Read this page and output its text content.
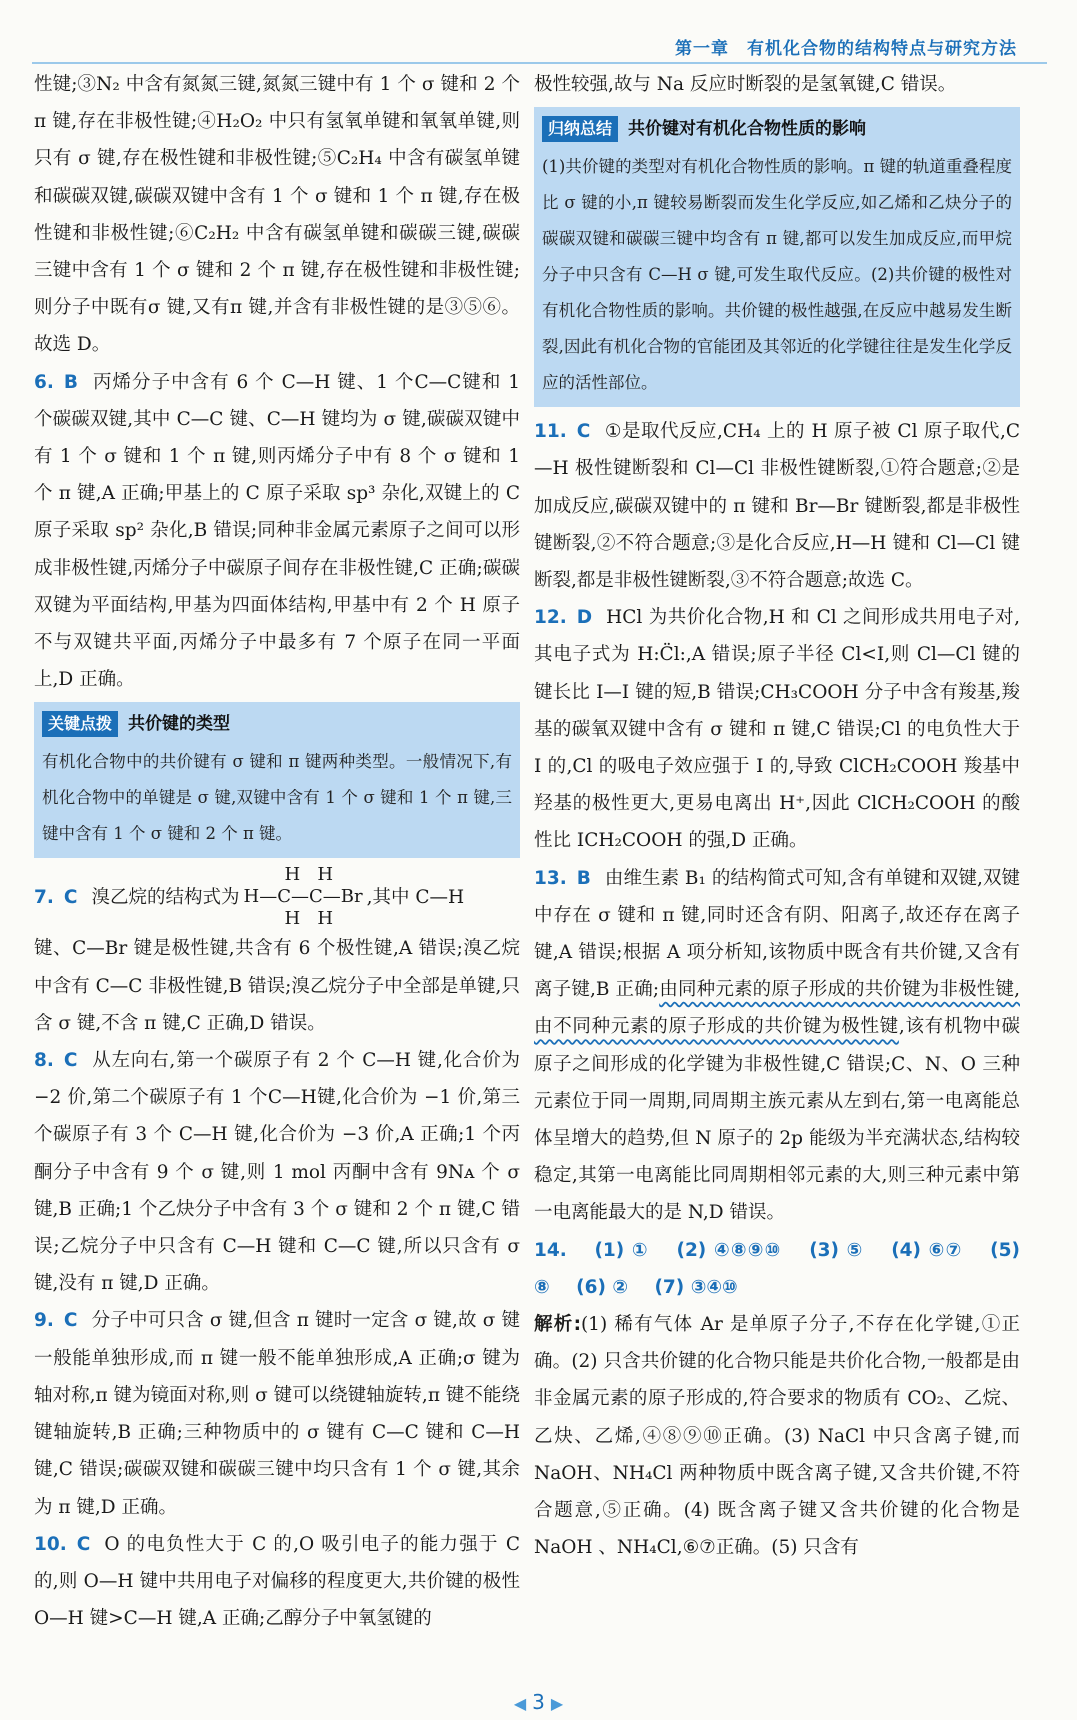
第一章　有机化合物的结构特点与研究方法

性键;③N₂ 中含有氮氮三键,氮氮三键中有 1 个 σ 键和 2 个 π 键,存在非极性键;④H₂O₂ 中只有氢氧单键和氧氧单键,则只有 σ 键,存在极性键和非极性键;⑤C₂H₄ 中含有碳氢单键和碳碳双键,碳碳双键中含有 1 个 σ 键和 1 个 π 键,存在极性键和非极性键;⑥C₂H₂ 中含有碳氢单键和碳碳三键,碳碳三键中含有 1 个 σ 键和 2 个 π 键,存在极性键和非极性键;则分子中既有σ 键,又有π 键,并含有非极性键的是③⑤⑥。故选 D。

6. B 丙烯分子中含有 6 个 C—H 键、1 个C—C键和 1 个碳碳双键,其中 C—C 键、C—H 键均为 σ 键,碳碳双键中有 1 个 σ 键和 1 个 π 键,则丙烯分子中有 8 个 σ 键和 1 个 π 键,A 正确;甲基上的 C 原子采取 sp³ 杂化,双键上的 C 原子采取 sp² 杂化,B 错误;同种非金属元素原子之间可以形成非极性键,丙烯分子中碳原子间存在非极性键,C 正确;碳碳双键为平面结构,甲基为四面体结构,甲基中有 2 个 H 原子不与双键共平面,丙烯分子中最多有 7 个原子在同一平面上,D 正确。

关键点拨 共价键的类型
有机化合物中的共价键有 σ 键和 π 键两种类型。一般情况下,有机化合物中的单键是 σ 键,双键中含有 1 个 σ 键和 1 个 π 键,三键中含有 1 个 σ 键和 2 个 π 键。
7. C 溴乙烷的结构式为
H   H
H—C—C—Br
H   H
,其中 C—H

键、C—Br 键是极性键,共含有 6 个极性键,A 错误;溴乙烷中含有 C—C 非极性键,B 错误;溴乙烷分子中全部是单键,只含 σ 键,不含 π 键,C 正确,D 错误。

8. C 从左向右,第一个碳原子有 2 个 C—H 键,化合价为 −2 价,第二个碳原子有 1 个C—H键,化合价为 −1 价,第三个碳原子有 3 个 C—H 键,化合价为 −3 价,A 正确;1 个丙酮分子中含有 9 个 σ 键,则 1 mol 丙酮中含有 9Nᴀ 个 σ 键,B 正确;1 个乙炔分子中含有 3 个 σ 键和 2 个 π 键,C 错误;乙烷分子中只含有 C—H 键和 C—C 键,所以只含有 σ 键,没有 π 键,D 正确。

9. C 分子中可只含 σ 键,但含 π 键时一定含 σ 键,故 σ 键一般能单独形成,而 π 键一般不能单独形成,A 正确;σ 键为轴对称,π 键为镜面对称,则 σ 键可以绕键轴旋转,π 键不能绕键轴旋转,B 正确;三种物质中的 σ 键有 C—C 键和 C—H 键,C 错误;碳碳双键和碳碳三键中均只含有 1 个 σ 键,其余为 π 键,D 正确。

10. C O 的电负性大于 C 的,O 吸引电子的能力强于 C 的,则 O—H 键中共用电子对偏移的程度更大,共价键的极性 O—H 键>C—H 键,A 正确;乙醇分子中氧氢键的

极性较强,故与 Na 反应时断裂的是氢氧键,C 错误。

归纳总结 共价键对有机化合物性质的影响
(1)共价键的类型对有机化合物性质的影响。π 键的轨道重叠程度比 σ 键的小,π 键较易断裂而发生化学反应,如乙烯和乙炔分子的碳碳双键和碳碳三键中均含有 π 键,都可以发生加成反应,而甲烷分子中只含有 C—H σ 键,可发生取代反应。(2)共价键的极性对有机化合物性质的影响。共价键的极性越强,在反应中越易发生断裂,因此有机化合物的官能团及其邻近的化学键往往是发生化学反应的活性部位。

11. C ①是取代反应,CH₄ 上的 H 原子被 Cl 原子取代,C—H 极性键断裂和 Cl—Cl 非极性键断裂,①符合题意;②是加成反应,碳碳双键中的 π 键和 Br—Br 键断裂,都是非极性键断裂,②不符合题意;③是化合反应,H—H 键和 Cl—Cl 键断裂,都是非极性键断裂,③不符合题意;故选 C。

12. D HCl 为共价化合物,H 和 Cl 之间形成共用电子对,其电子式为 H:C̈l:,A 错误;原子半径 Cl<I,则 Cl—Cl 键的键长比 I—I 键的短,B 错误;CH₃COOH 分子中含有羧基,羧基的碳氧双键中含有 σ 键和 π 键,C 错误;Cl 的电负性大于 I 的,Cl 的吸电子效应强于 I 的,导致 ClCH₂COOH 羧基中羟基的极性更大,更易电离出 H⁺,因此 ClCH₂COOH 的酸性比 ICH₂COOH 的强,D 正确。

13. B 由维生素 B₁ 的结构简式可知,含有单键和双键,双键中存在 σ 键和 π 键,同时还含有阴、阳离子,故还存在离子键,A 错误;根据 A 项分析知,该物质中既含有共价键,又含有离子键,B 正确;由同种元素的原子形成的共价键为非极性键,由不同种元素的原子形成的共价键为极性键,该有机物中碳原子之间形成的化学键为非极性键,C 错误;C、N、O 三种元素位于同一周期,同周期主族元素从左到右,第一电离能总体呈增大的趋势,但 N 原子的 2p 能级为半充满状态,结构较稳定,其第一电离能比同周期相邻元素的大,则三种元素中第一电离能最大的是 N,D 错误。

14. (1) ① (2) ④⑧⑨⑩ (3) ⑤ (4) ⑥⑦ (5) ⑧ (6) ② (7) ③④⑩

解析:(1) 稀有气体 Ar 是单原子分子,不存在化学键,①正确。(2) 只含共价键的化合物只能是共价化合物,一般都是由非金属元素的原子形成的,符合要求的物质有 CO₂、乙烷、乙炔、乙烯,④⑧⑨⑩正确。(3) NaCl 中只含离子键,而 NaOH、NH₄Cl 两种物质中既含离子键,又含共价键,不符合题意,⑤正确。(4) 既含离子键又含共价键的化合物是 NaOH 、NH₄Cl,⑥⑦正确。(5) 只含有

◀ 3 ▶
